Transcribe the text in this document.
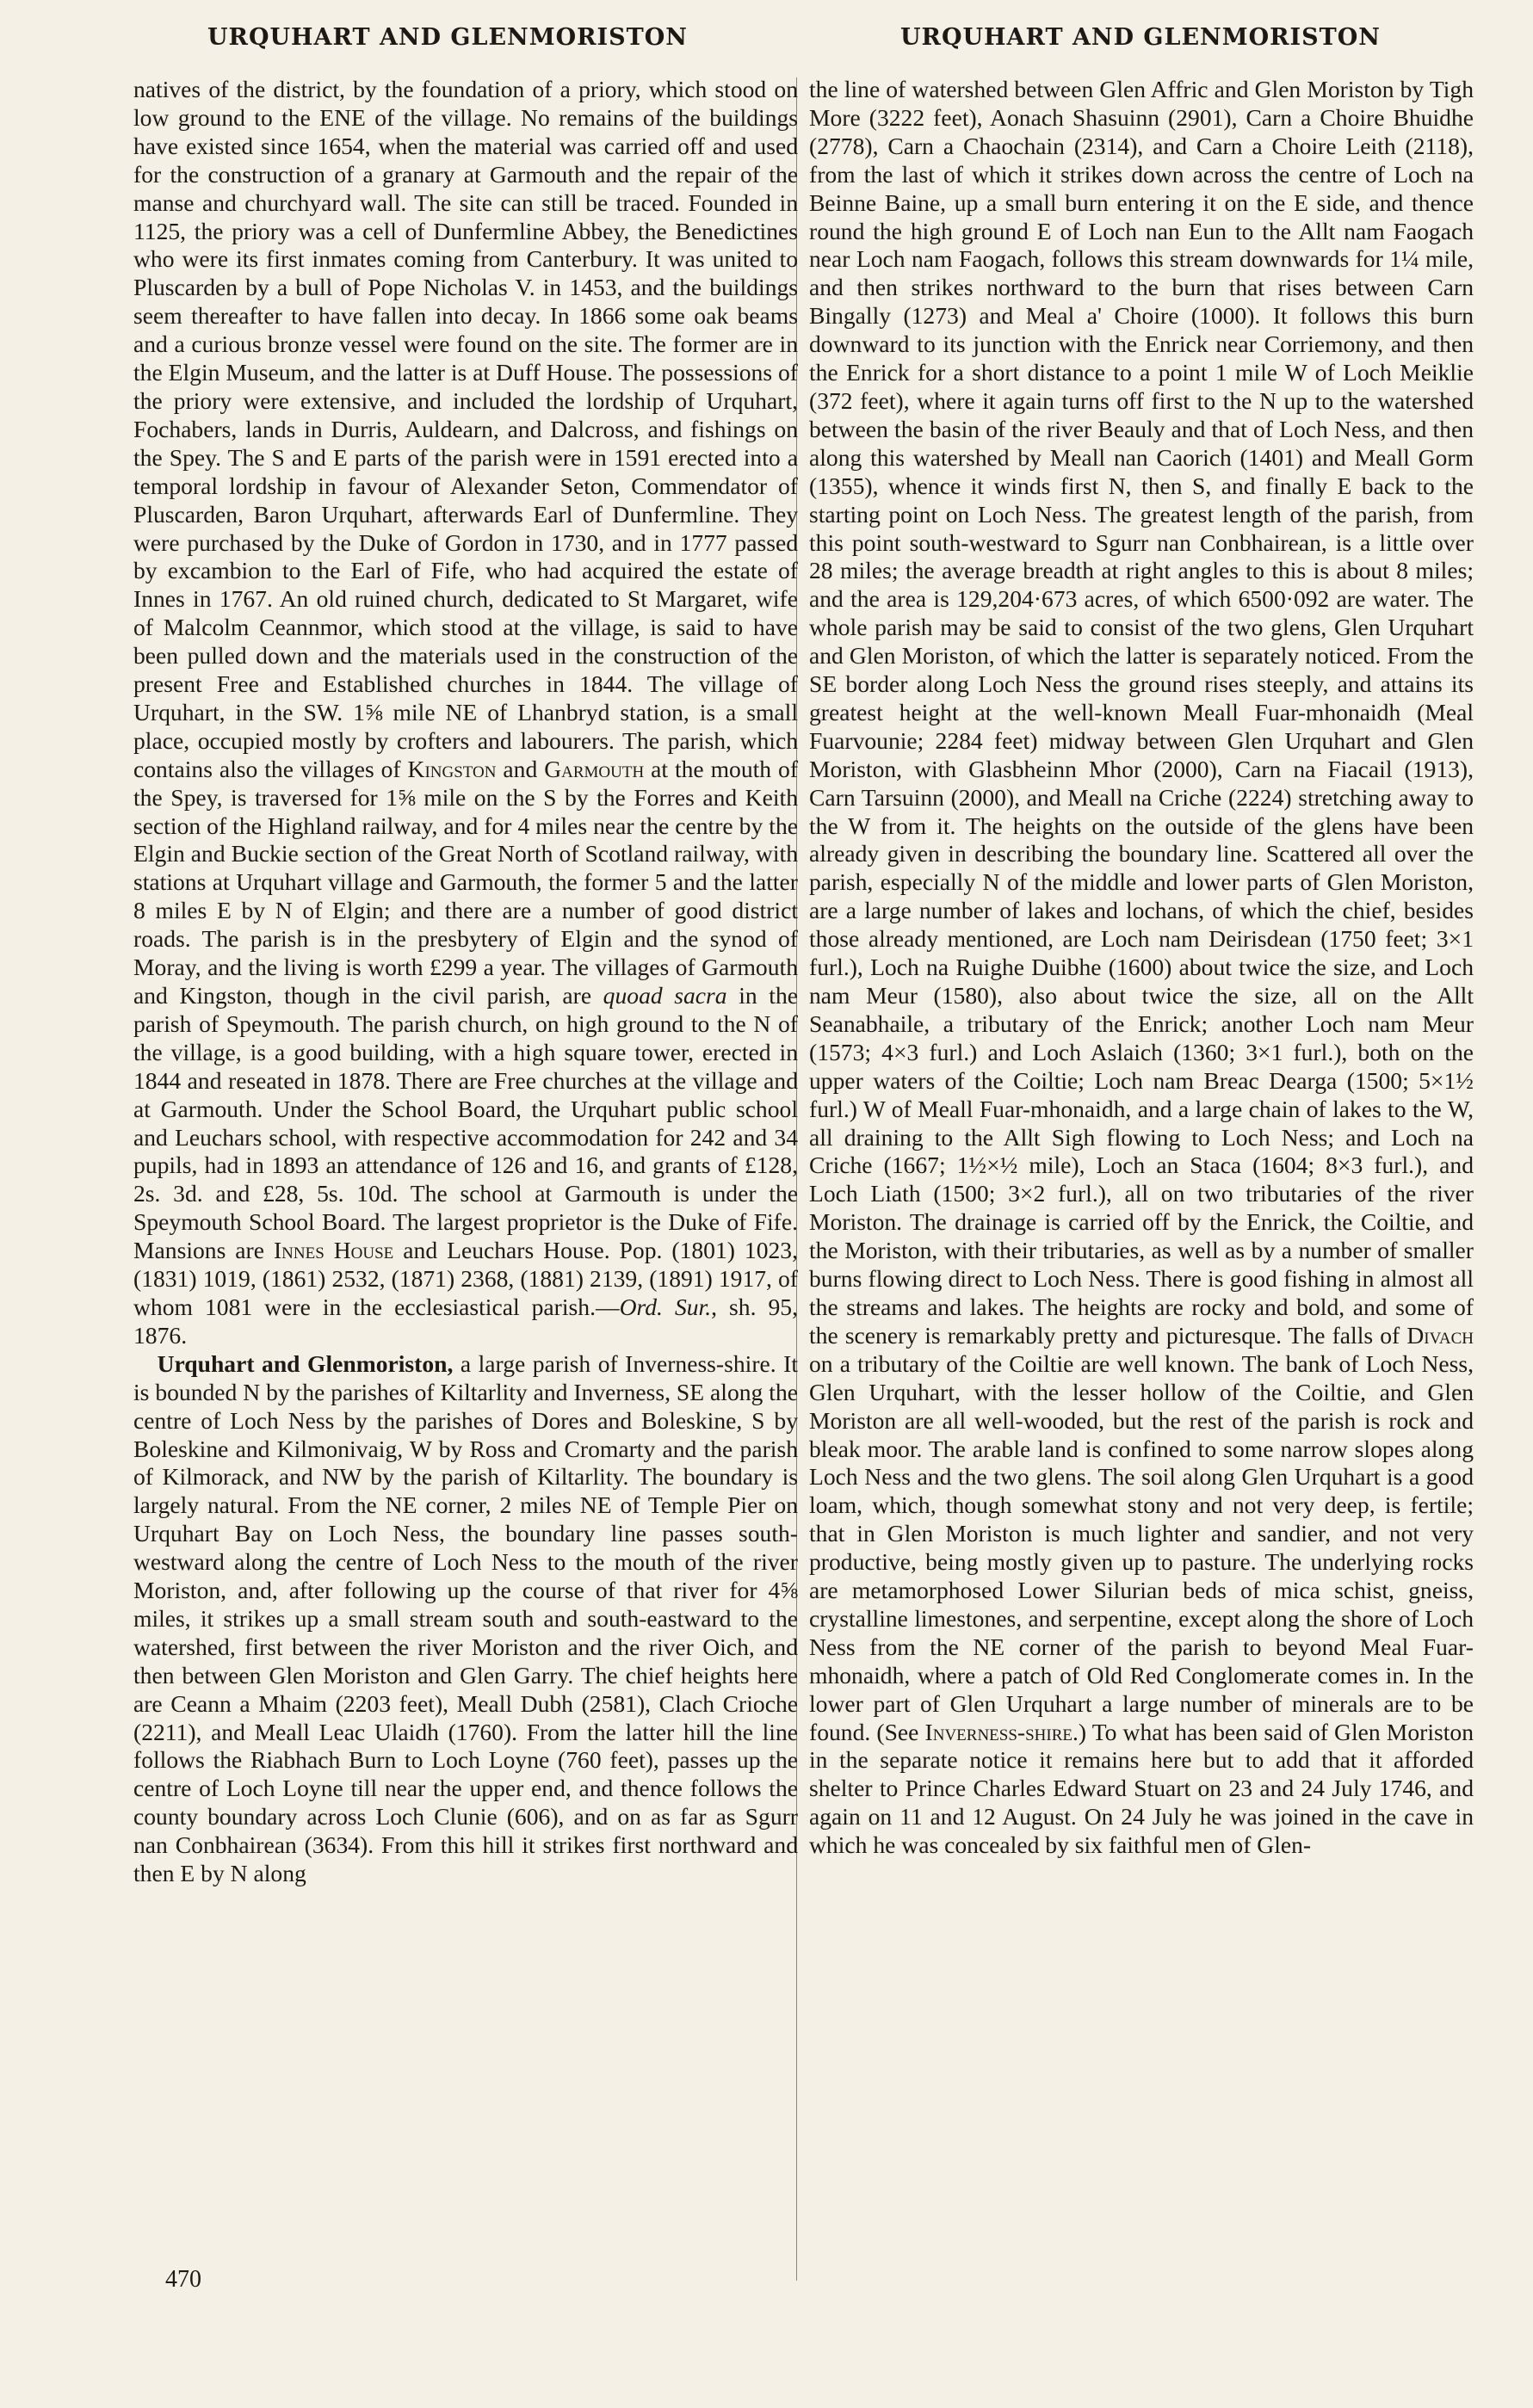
URQUHART AND GLENMORISTON	URQUHART AND GLENMORISTON

natives of the district, by the foundation of a priory, which stood on low ground to the ENE of the village. No remains of the buildings have existed since 1654, when the material was carried off and used for the construction of a granary at Garmouth and the repair of the manse and churchyard wall. The site can still be traced. Founded in 1125, the priory was a cell of Dunfermline Abbey, the Benedictines who were its first inmates coming from Canterbury. It was united to Pluscarden by a bull of Pope Nicholas V. in 1453, and the buildings seem thereafter to have fallen into decay. In 1866 some oak beams and a curious bronze vessel were found on the site. The former are in the Elgin Museum, and the latter is at Duff House. The possessions of the priory were extensive, and included the lordship of Urquhart, Fochabers, lands in Durris, Auldearn, and Dalcross, and fishings on the Spey. The S and E parts of the parish were in 1591 erected into a temporal lordship in favour of Alexander Seton, Commendator of Pluscarden, Baron Urquhart, afterwards Earl of Dunfermline. They were purchased by the Duke of Gordon in 1730, and in 1777 passed by excambion to the Earl of Fife, who had acquired the estate of Innes in 1767. An old ruined church, dedicated to St Margaret, wife of Malcolm Ceannmor, which stood at the village, is said to have been pulled down and the materials used in the construction of the present Free and Established churches in 1844. The village of Urquhart, in the SW. 1⅝ mile NE of Lhanbryd station, is a small place, occupied mostly by crofters and labourers. The parish, which contains also the villages of Kingston and Garmouth at the mouth of the Spey, is traversed for 1⅝ mile on the S by the Forres and Keith section of the Highland railway, and for 4 miles near the centre by the Elgin and Buckie section of the Great North of Scotland railway, with stations at Urquhart village and Garmouth, the former 5 and the latter 8 miles E by N of Elgin; and there are a number of good district roads. The parish is in the presbytery of Elgin and the synod of Moray, and the living is worth £299 a year. The villages of Garmouth and Kingston, though in the civil parish, are quoad sacra in the parish of Speymouth. The parish church, on high ground to the N of the village, is a good building, with a high square tower, erected in 1844 and reseated in 1878. There are Free churches at the village and at Garmouth. Under the School Board, the Urquhart public school and Leuchars school, with respective accommodation for 242 and 34 pupils, had in 1893 an attendance of 126 and 16, and grants of £128, 2s. 3d. and £28, 5s. 10d. The school at Garmouth is under the Speymouth School Board. The largest proprietor is the Duke of Fife. Mansions are Innes House and Leuchars House. Pop. (1801) 1023, (1831) 1019, (1861) 2532, (1871) 2368, (1881) 2139, (1891) 1917, of whom 1081 were in the ecclesiastical parish.—Ord. Sur., sh. 95, 1876.

 Urquhart and Glenmoriston, a large parish of Inverness-shire. It is bounded N by the parishes of Kiltarlity and Inverness, SE along the centre of Loch Ness by the parishes of Dores and Boleskine, S by Boleskine and Kilmonivaig, W by Ross and Cromarty and the parish of Kilmorack, and NW by the parish of Kiltarlity. The boundary is largely natural. From the NE corner, 2 miles NE of Temple Pier on Urquhart Bay on Loch Ness, the boundary line passes south-westward along the centre of Loch Ness to the mouth of the river Moriston, and, after following up the course of that river for 4⅝ miles, it strikes up a small stream south and south-eastward to the watershed, first between the river Moriston and the river Oich, and then between Glen Moriston and Glen Garry. The chief heights here are Ceann a Mhaim (2203 feet), Meall Dubh (2581), Clach Crioche (2211), and Meall Leac Ulaidh (1760). From the latter hill the line follows the Riabhach Burn to Loch Loyne (760 feet), passes up the centre of Loch Loyne till near the upper end, and thence follows the county boundary across Loch Clunie (606), and on as far as Sgurr nan Conbhairean (3634). From this hill it strikes first northward and then E by N along

the line of watershed between Glen Affric and Glen Moriston by Tigh More (3222 feet), Aonach Shasuinn (2901), Carn a Choire Bhuidhe (2778), Carn a Chaochain (2314), and Carn a Choire Leith (2118), from the last of which it strikes down across the centre of Loch na Beinne Baine, up a small burn entering it on the E side, and thence round the high ground E of Loch nan Eun to the Allt nam Faogach near Loch nam Faogach, follows this stream downwards for 1¼ mile, and then strikes northward to the burn that rises between Carn Bingally (1273) and Meal a' Choire (1000). It follows this burn downward to its junction with the Enrick near Corriemony, and then the Enrick for a short distance to a point 1 mile W of Loch Meiklie (372 feet), where it again turns off first to the N up to the watershed between the basin of the river Beauly and that of Loch Ness, and then along this watershed by Meall nan Caorich (1401) and Meall Gorm (1355), whence it winds first N, then S, and finally E back to the starting point on Loch Ness. The greatest length of the parish, from this point south-westward to Sgurr nan Conbhairean, is a little over 28 miles; the average breadth at right angles to this is about 8 miles; and the area is 129,204·673 acres, of which 6500·092 are water. The whole parish may be said to consist of the two glens, Glen Urquhart and Glen Moriston, of which the latter is separately noticed. From the SE border along Loch Ness the ground rises steeply, and attains its greatest height at the well-known Meall Fuar-mhonaidh (Meal Fuarvounie; 2284 feet) midway between Glen Urquhart and Glen Moriston, with Glasbheinn Mhor (2000), Carn na Fiacail (1913), Carn Tarsuinn (2000), and Meall na Criche (2224) stretching away to the W from it. The heights on the outside of the glens have been already given in describing the boundary line. Scattered all over the parish, especially N of the middle and lower parts of Glen Moriston, are a large number of lakes and lochans, of which the chief, besides those already mentioned, are Loch nam Deirisdean (1750 feet; 3×1 furl.), Loch na Ruighe Duibhe (1600) about twice the size, and Loch nam Meur (1580), also about twice the size, all on the Allt Seanabhaile, a tributary of the Enrick; another Loch nam Meur (1573; 4×3 furl.) and Loch Aslaich (1360; 3×1 furl.), both on the upper waters of the Coiltie; Loch nam Breac Dearga (1500; 5×1½ furl.) W of Meall Fuar-mhonaidh, and a large chain of lakes to the W, all draining to the Allt Sigh flowing to Loch Ness; and Loch na Criche (1667; 1½×½ mile), Loch an Staca (1604; 8×3 furl.), and Loch Liath (1500; 3×2 furl.), all on two tributaries of the river Moriston. The drainage is carried off by the Enrick, the Coiltie, and the Moriston, with their tributaries, as well as by a number of smaller burns flowing direct to Loch Ness. There is good fishing in almost all the streams and lakes. The heights are rocky and bold, and some of the scenery is remarkably pretty and picturesque. The falls of Divach on a tributary of the Coiltie are well known. The bank of Loch Ness, Glen Urquhart, with the lesser hollow of the Coiltie, and Glen Moriston are all well-wooded, but the rest of the parish is rock and bleak moor. The arable land is confined to some narrow slopes along Loch Ness and the two glens. The soil along Glen Urquhart is a good loam, which, though somewhat stony and not very deep, is fertile; that in Glen Moriston is much lighter and sandier, and not very productive, being mostly given up to pasture. The underlying rocks are metamorphosed Lower Silurian beds of mica schist, gneiss, crystalline limestones, and serpentine, except along the shore of Loch Ness from the NE corner of the parish to beyond Meal Fuar-mhonaidh, where a patch of Old Red Conglomerate comes in. In the lower part of Glen Urquhart a large number of minerals are to be found. (See Inverness-shire.) To what has been said of Glen Moriston in the separate notice it remains here but to add that it afforded shelter to Prince Charles Edward Stuart on 23 and 24 July 1746, and again on 11 and 12 August. On 24 July he was joined in the cave in which he was concealed by six faithful men of Glen-

470
